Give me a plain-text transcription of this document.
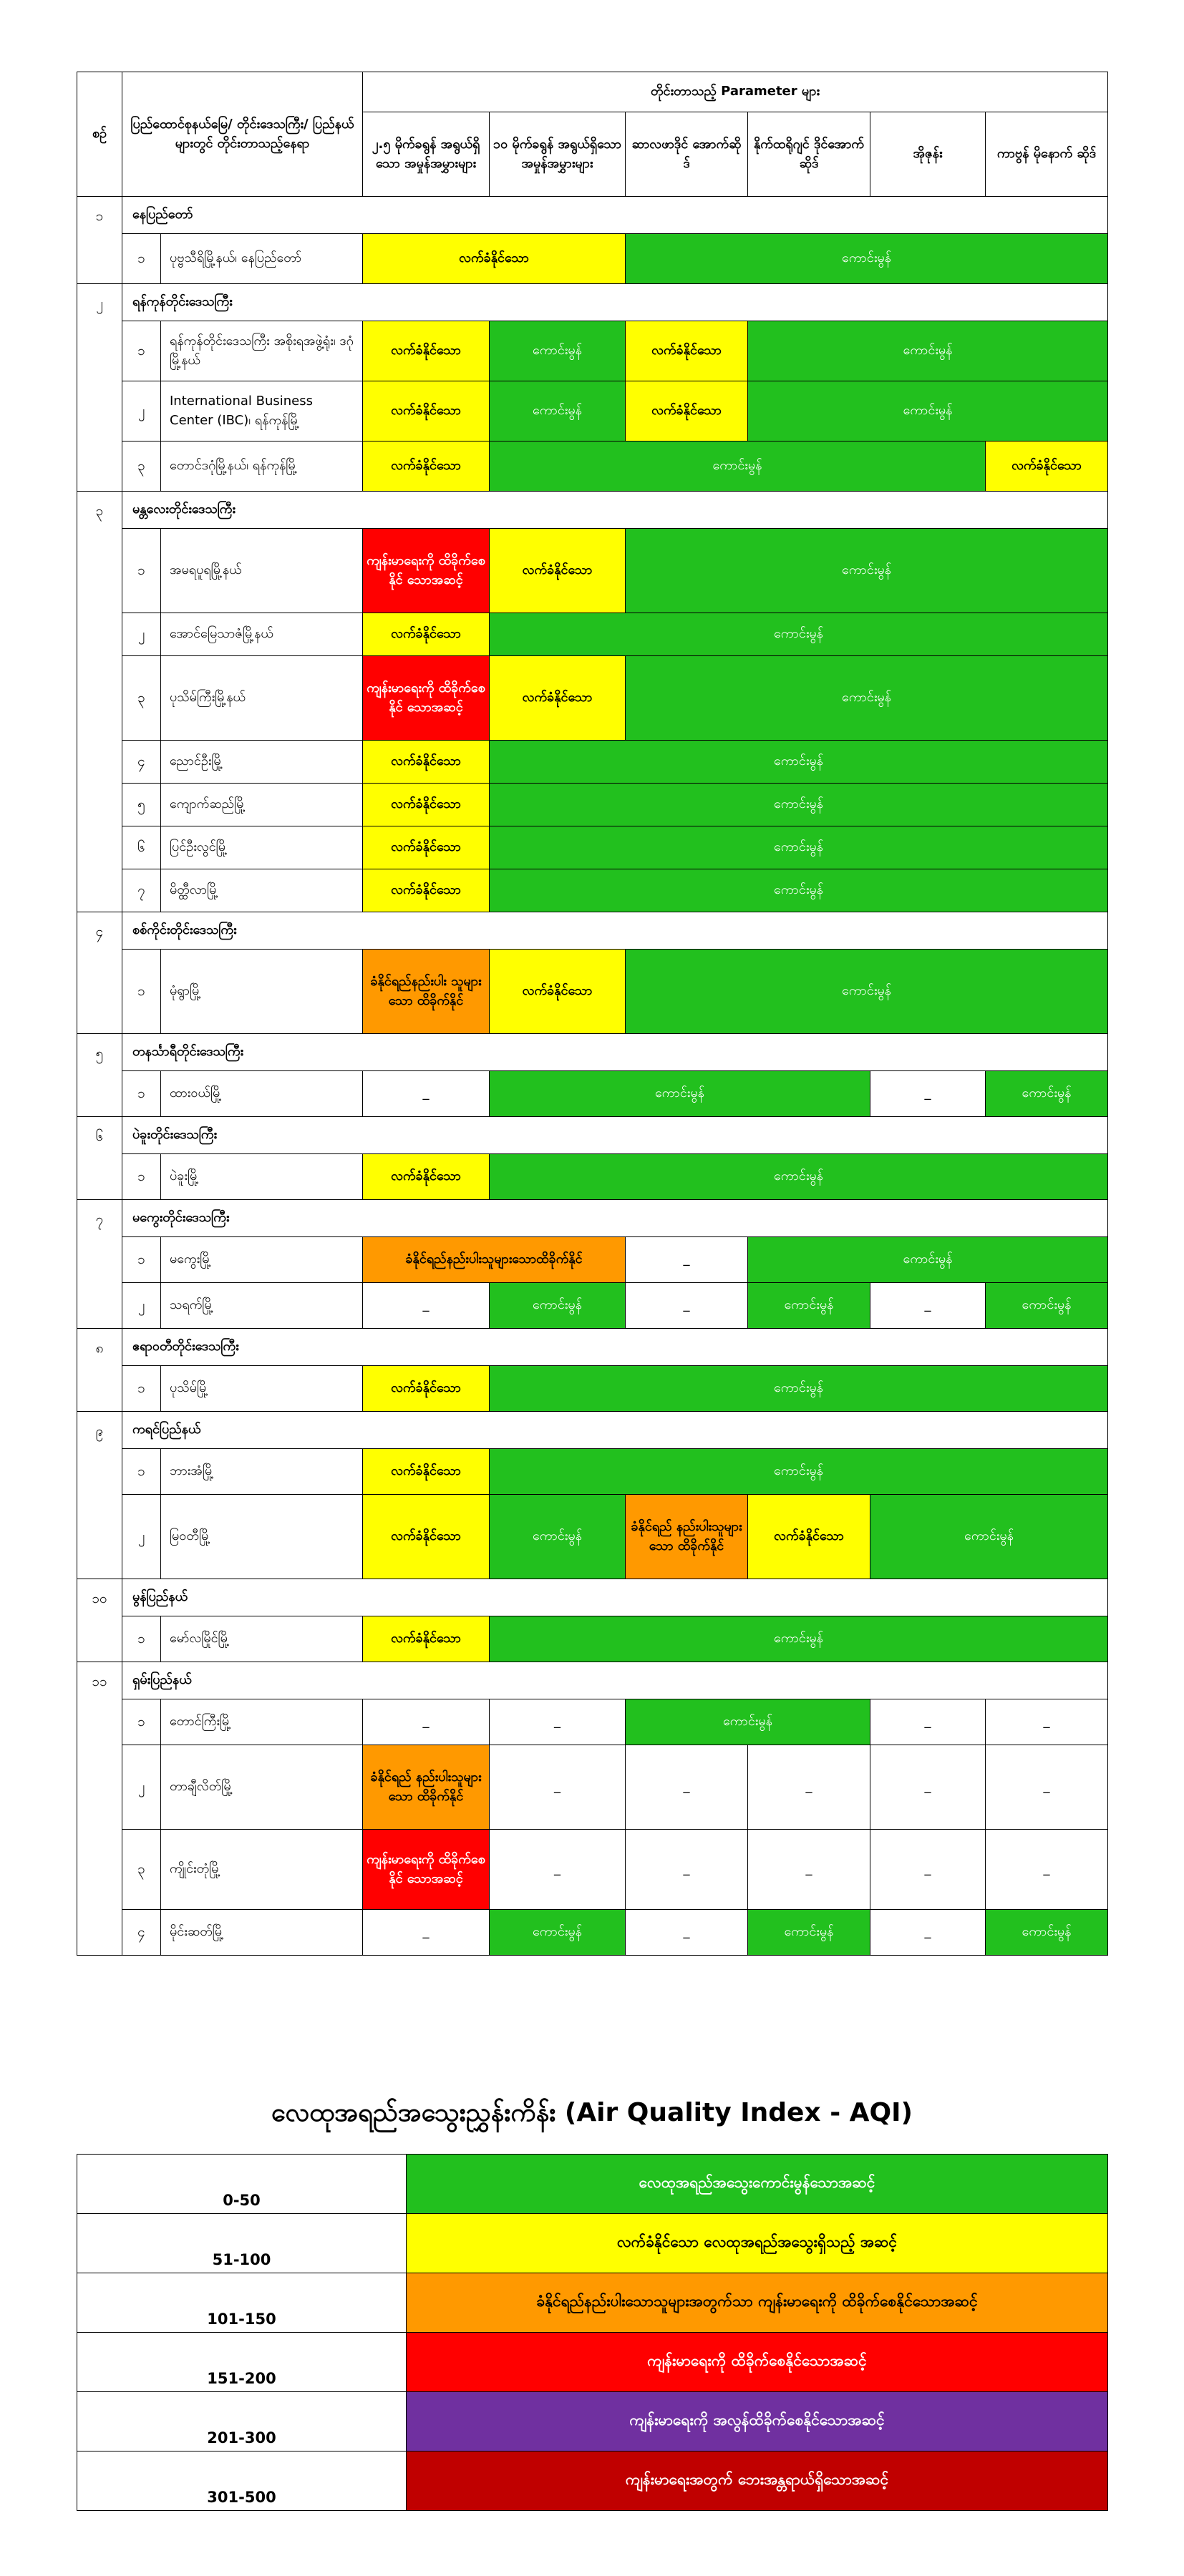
စဉ်	ပြည်ထောင်စုနယ်မြေ/ တိုင်းဒေသကြီး/ ပြည်နယ်များတွင် တိုင်းတာသည့်နေရာ		တိုင်းတာသည့် Parameter များ					
			၂.၅ မိုက်ခရွန် အရွယ်ရှိသော အမှုန်အမွှားများ	၁၀ မိုက်ခရွန် အရွယ်ရှိသော အမှုန်အမွှားများ	ဆာလဖာဒိုင် အောက်ဆိုဒ်	နိုက်ထရိုဂျင် ဒိုင်အောက် ဆိုဒ်	အိုဇုန်း	ကာဗွန် မိုနောက် ဆိုဒ်
၁	နေပြည်တော်							
	၁	ပုဗ္ဗသီရိမြို့နယ်၊ နေပြည်တော်	လက်ခံနိုင်သော		ကောင်းမွန်			
၂	ရန်ကုန်တိုင်းဒေသကြီး							
	၁	ရန်ကုန်တိုင်းဒေသကြီး အစိုးရအဖွဲ့ရုံး၊ ဒဂုံမြို့နယ်	လက်ခံနိုင်သော	ကောင်းမွန်	လက်ခံနိုင်သော	ကောင်းမွန်		
	၂	International Business Center (IBC)၊ ရန်ကုန်မြို့	လက်ခံနိုင်သော	ကောင်းမွန်	လက်ခံနိုင်သော	ကောင်းမွန်		
	၃	တောင်ဒဂုံမြို့နယ်၊ ရန်ကုန်မြို့	လက်ခံနိုင်သော	ကောင်းမွန်				လက်ခံနိုင်သော
၃	မန္တလေးတိုင်းဒေသကြီး							
	၁	အမရပူရမြို့နယ်	ကျန်းမာရေးကို ထိခိုက်စေနိုင် သောအဆင့်	လက်ခံနိုင်သော	ကောင်းမွန်			
	၂	အောင်မြေသာဇံမြို့နယ်	လက်ခံနိုင်သော	ကောင်းမွန်				
	၃	ပုသိမ်ကြီးမြို့နယ်	ကျန်းမာရေးကို ထိခိုက်စေနိုင် သောအဆင့်	လက်ခံနိုင်သော	ကောင်းမွန်			
	၄	ညောင်ဦးမြို့	လက်ခံနိုင်သော	ကောင်းမွန်				
	၅	ကျောက်ဆည်မြို့	လက်ခံနိုင်သော	ကောင်းမွန်				
	၆	ပြင်ဦးလွင်မြို့	လက်ခံနိုင်သော	ကောင်းမွန်				
	၇	မိတ္ထီလာမြို့	လက်ခံနိုင်သော	ကောင်းမွန်				
၄	စစ်ကိုင်းတိုင်းဒေသကြီး							
	၁	မုံရွာမြို့	ခံနိုင်ရည်နည်းပါး သူများသော ထိခိုက်နိုင်	လက်ခံနိုင်သော	ကောင်းမွန်			
၅	တနင်္သာရီတိုင်းဒေသကြီး							
	၁	ထားဝယ်မြို့	_	ကောင်းမွန်			_	ကောင်းမွန်
၆	ပဲခူးတိုင်းဒေသကြီး							
	၁	ပဲခူးမြို့	လက်ခံနိုင်သော	ကောင်းမွန်				
၇	မကွေးတိုင်းဒေသကြီး							
	၁	မကွေးမြို့	ခံနိုင်ရည်နည်းပါးသူများသောထိခိုက်နိုင်		_	ကောင်းမွန်		
	၂	သရက်မြို့	_	ကောင်းမွန်	_	ကောင်းမွန်	_	ကောင်းမွန်
၈	ဧရာဝတီတိုင်းဒေသကြီး							
	၁	ပုသိမ်မြို့	လက်ခံနိုင်သော	ကောင်းမွန်				
၉	ကရင်ပြည်နယ်							
	၁	ဘားအံမြို့	လက်ခံနိုင်သော	ကောင်းမွန်				
	၂	မြဝတီမြို့	လက်ခံနိုင်သော	ကောင်းမွန်	ခံနိုင်ရည် နည်းပါးသူများ သော ထိခိုက်နိုင်	လက်ခံနိုင်သော	ကောင်းမွန်	
၁၀	မွန်ပြည်နယ်							
	၁	မော်လမြိုင်မြို့	လက်ခံနိုင်သော	ကောင်းမွန်				
၁၁	ရှမ်းပြည်နယ်							
	၁	တောင်ကြီးမြို့	_	_	ကောင်းမွန်		_	_
	၂	တာချီလိတ်မြို့	ခံနိုင်ရည် နည်းပါးသူများ သော ထိခိုက်နိုင်	_	_	_	_	_
	၃	ကျိုင်းတုံမြို့	ကျန်းမာရေးကို ထိခိုက်စေနိုင် သောအဆင့်	_	_	_	_	_
	၄	မိုင်းဆတ်မြို့	_	ကောင်းမွန်	_	ကောင်းမွန်	_	ကောင်းမွန်
လေထုအရည်အသွေးညွှန်းကိန်း (Air Quality Index - AQI)
0-50	လေထုအရည်အသွေးကောင်းမွန်သောအဆင့်
51-100	လက်ခံနိုင်သော လေထုအရည်အသွေးရှိသည့် အဆင့်
101-150	ခံနိုင်ရည်နည်းပါးသောသူများအတွက်သာ ကျန်းမာရေးကို ထိခိုက်စေနိုင်သောအဆင့်
151-200	ကျန်းမာရေးကို ထိခိုက်စေနိုင်သောအဆင့်
201-300	ကျန်းမာရေးကို အလွန်ထိခိုက်စေနိုင်သောအဆင့်
301-500	ကျန်းမာရေးအတွက် ဘေးအန္တရာယ်ရှိသောအဆင့်
